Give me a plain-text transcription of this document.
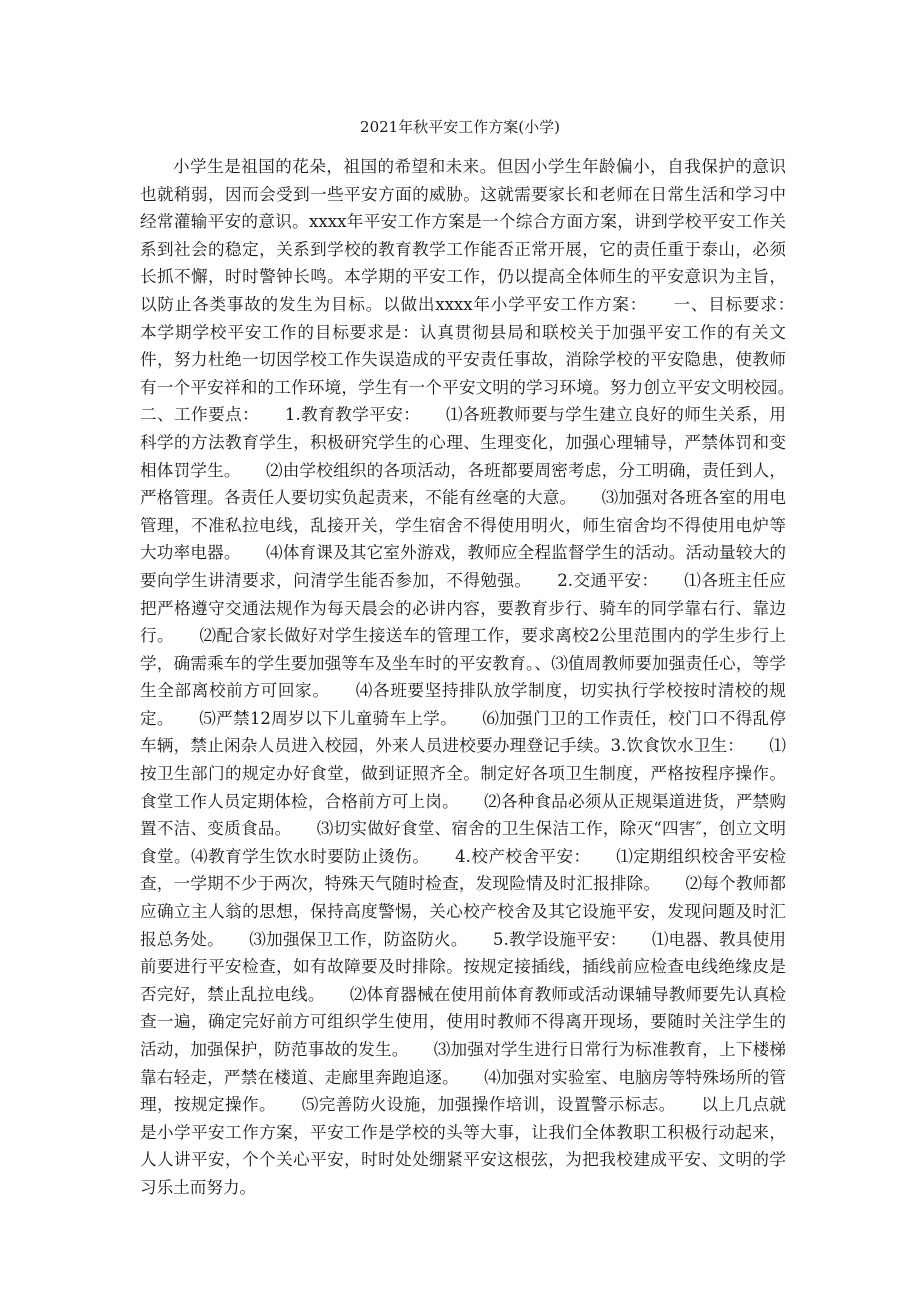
2021年秋平安工作方案(小学)

小学生是祖国的花朵，祖国的希望和未来。但因小学生年龄偏小，自我保护的意识也就稍弱，因而会受到一些平安方面的威胁。这就需要家长和老师在日常生活和学习中经常灌输平安的意识。xxxx年平安工作方案是一个综合方面方案，讲到学校平安工作关系到社会的稳定，关系到学校的教育教学工作能否正常开展，它的责任重于泰山，必须长抓不懈，时时警钟长鸣。本学期的平安工作，仍以提高全体师生的平安意识为主旨，以防止各类事故的发生为目标。以做出xxxx年小学平安工作方案：　　一、目标要求：　　本学期学校平安工作的目标要求是：认真贯彻县局和联校关于加强平安工作的有关文件，努力杜绝一切因学校工作失误造成的平安责任事故，消除学校的平安隐患，使教师有一个平安祥和的工作环境，学生有一个平安文明的学习环境。努力创立平安文明校园。　　二、工作要点：　　1.教育教学平安：　　⑴各班教师要与学生建立良好的师生关系，用科学的方法教育学生，积极研究学生的心理、生理变化，加强心理辅导，严禁体罚和变相体罚学生。　　⑵由学校组织的各项活动，各班都要周密考虑，分工明确，责任到人，严格管理。各责任人要切实负起责来，不能有丝毫的大意。　　⑶加强对各班各室的用电管理，不准私拉电线，乱接开关，学生宿舍不得使用明火，师生宿舍均不得使用电炉等大功率电器。　　⑷体育课及其它室外游戏，教师应全程监督学生的活动。活动量较大的要向学生讲清要求，问清学生能否参加，不得勉强。　　2.交通平安：　　⑴各班主任应把严格遵守交通法规作为每天晨会的必讲内容，要教育步行、骑车的同学靠右行、靠边行。　　⑵配合家长做好对学生接送车的管理工作，要求离校2公里范围内的学生步行上学，确需乘车的学生要加强等车及坐车时的平安教育。、⑶值周教师要加强责任心，等学生全部离校前方可回家。　　⑷各班要坚持排队放学制度，切实执行学校按时清校的规定。　　⑸严禁12周岁以下儿童骑车上学。　　⑹加强门卫的工作责任，校门口不得乱停车辆，禁止闲杂人员进入校园，外来人员进校要办理登记手续。3.饮食饮水卫生：　　⑴按卫生部门的规定办好食堂，做到证照齐全。制定好各项卫生制度，严格按程序操作。食堂工作人员定期体检，合格前方可上岗。　　⑵各种食品必须从正规渠道进货，严禁购置不洁、变质食品。　　⑶切实做好食堂、宿舍的卫生保洁工作，除灭“四害″，创立文明食堂。⑷教育学生饮水时要防止烫伤。　　4.校产校舍平安：　　⑴定期组织校舍平安检查，一学期不少于两次，特殊天气随时检查，发现险情及时汇报排除。　　⑵每个教师都应确立主人翁的思想，保持高度警惕，关心校产校舍及其它设施平安，发现问题及时汇报总务处。　　⑶加强保卫工作，防盗防火。　　5.教学设施平安：　　⑴电器、教具使用前要进行平安检查，如有故障要及时排除。按规定接插线，插线前应检查电线绝缘皮是否完好，禁止乱拉电线。　　⑵体育器械在使用前体育教师或活动课辅导教师要先认真检查一遍，确定完好前方可组织学生使用，使用时教师不得离开现场，要随时关注学生的活动，加强保护，防范事故的发生。　　⑶加强对学生进行日常行为标准教育，上下楼梯靠右轻走，严禁在楼道、走廊里奔跑追逐。　　⑷加强对实验室、电脑房等特殊场所的管理，按规定操作。　　⑸完善防火设施，加强操作培训，设置警示标志。　　以上几点就是小学平安工作方案，平安工作是学校的头等大事，让我们全体教职工积极行动起来，人人讲平安，个个关心平安，时时处处绷紧平安这根弦，为把我校建成平安、文明的学习乐土而努力。
